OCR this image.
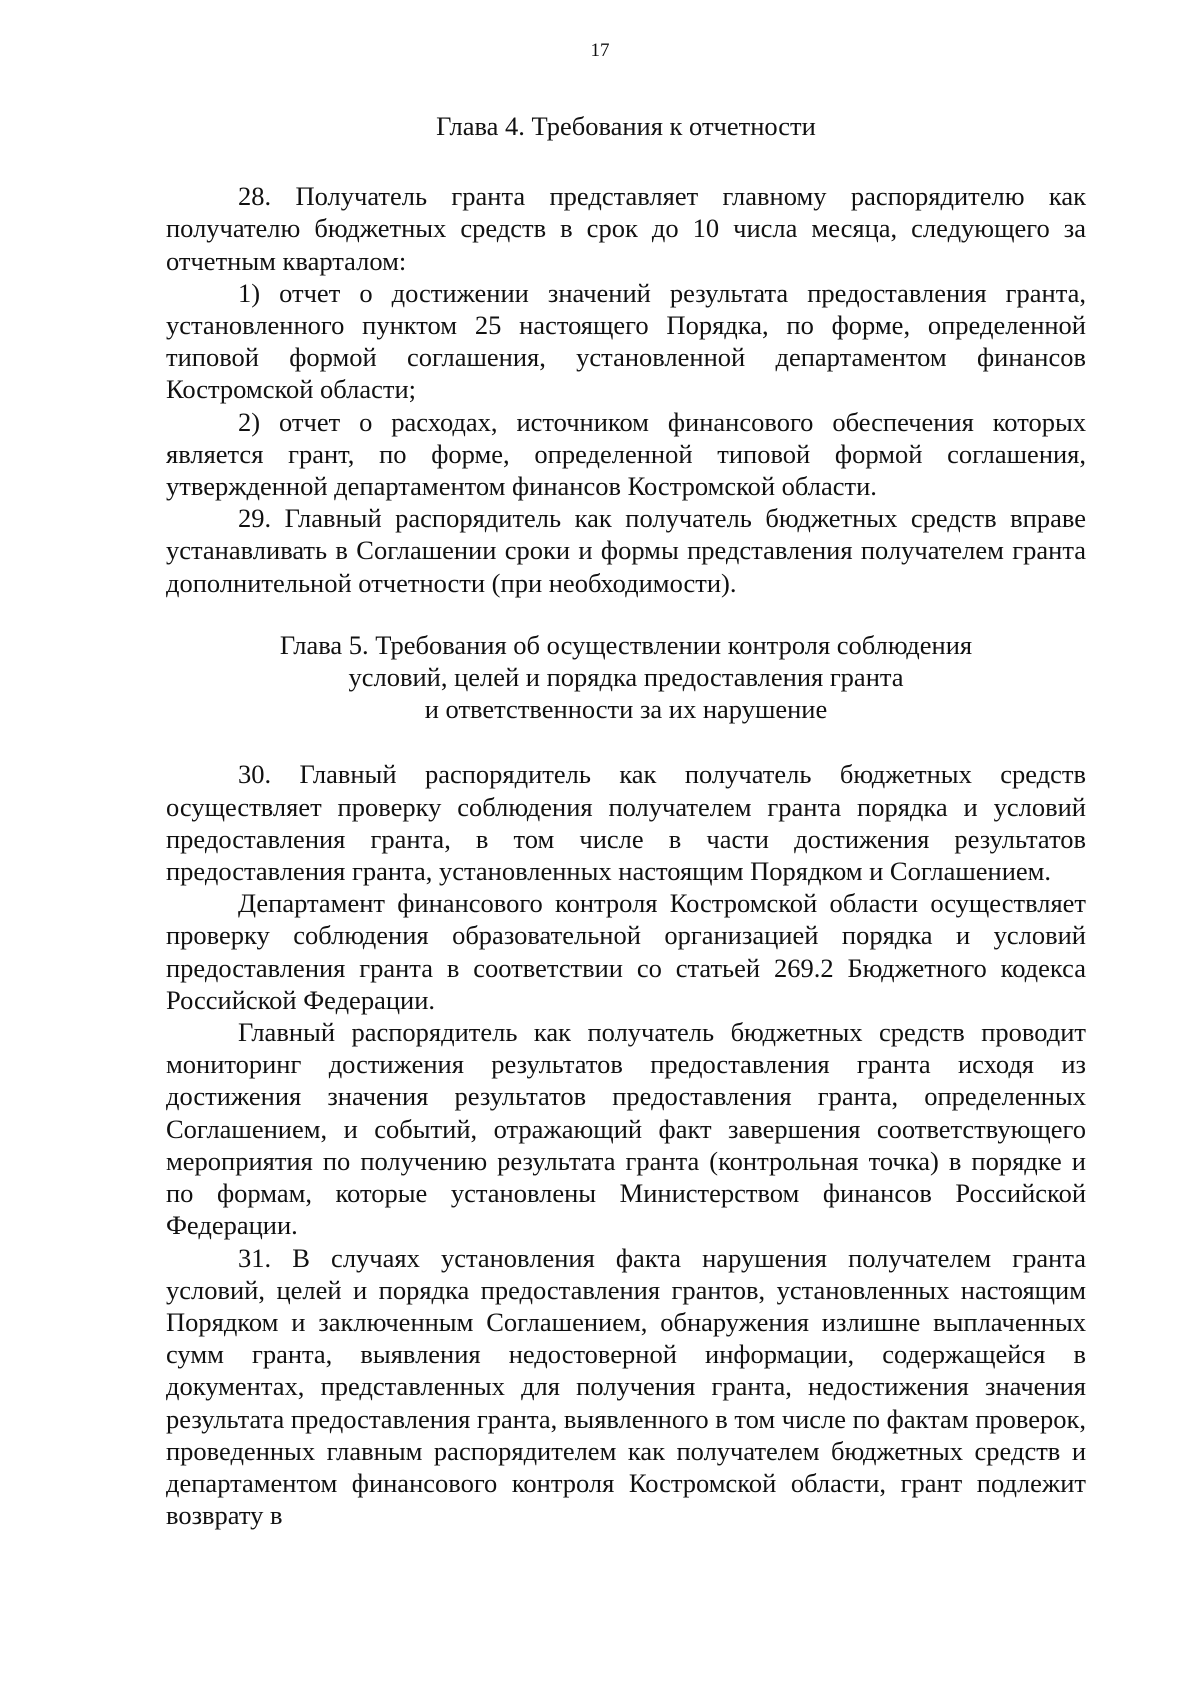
17
Глава 4. Требования к отчетности

28. Получатель гранта представляет главному распорядителю как получателю бюджетных средств в срок до 10 числа месяца, следующего за отчетным кварталом:

1) отчет о достижении значений результата предоставления гранта, установленного пунктом 25 настоящего Порядка, по форме, определенной типовой формой соглашения, установленной департаментом финансов Костромской области;

2) отчет о расходах, источником финансового обеспечения которых является грант, по форме, определенной типовой формой соглашения, утвержденной департаментом финансов Костромской области.

29. Главный распорядитель как получатель бюджетных средств вправе устанавливать в Соглашении сроки и формы представления получателем гранта дополнительной отчетности (при необходимости).

Глава 5. Требования об осуществлении контроля соблюдения
условий, целей и порядка предоставления гранта
и ответственности за их нарушение

30. Главный распорядитель как получатель бюджетных средств осуществляет проверку соблюдения получателем гранта порядка и условий предоставления гранта, в том числе в части достижения результатов предоставления гранта, установленных настоящим Порядком и Соглашением.

Департамент финансового контроля Костромской области осуществляет проверку соблюдения образовательной организацией порядка и условий предоставления гранта в соответствии со статьей 269.2 Бюджетного кодекса Российской Федерации.

Главный распорядитель как получатель бюджетных средств проводит мониторинг достижения результатов предоставления гранта исходя из достижения значения результатов предоставления гранта, определенных Соглашением, и событий, отражающий факт завершения соответствующего мероприятия по получению результата гранта (контрольная точка) в порядке и по формам, которые установлены Министерством финансов Российской Федерации.

31. В случаях установления факта нарушения получателем гранта условий, целей и порядка предоставления грантов, установленных настоящим Порядком и заключенным Соглашением, обнаружения излишне выплаченных сумм гранта, выявления недостоверной информации, содержащейся в документах, представленных для получения гранта, недостижения значения результата предоставления гранта, выявленного в том числе по фактам проверок, проведенных главным распорядителем как получателем бюджетных средств и департаментом финансового контроля Костромской области, грант подлежит возврату в
